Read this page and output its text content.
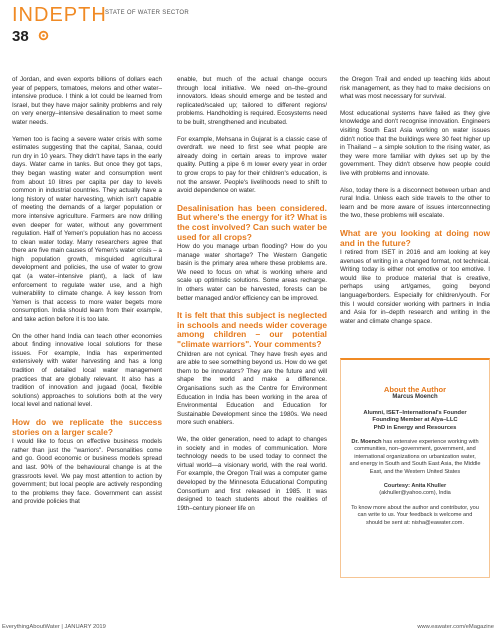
INDEPTH
STATE OF WATER SECTOR
38

of Jordan, and even exports billions of dollars each year of peppers, tomatoes, melons and other water–intensive produce. I think a lot could be learned from Israel, but they have major salinity problems and rely on very energy–intensive desalination to meet some water needs.

Yemen too is facing a severe water crisis with some estimates suggesting that the capital, Sanaa, could run dry in 10 years. They didn't have taps in the early days. Water came in tanks. But once they got taps, they began wasting water and consumption went from about 10 litres per capita per day to levels common in industrial countries. They actually have a long history of water harvesting, which isn't capable of meeting the demands of a larger population or more intensive agriculture. Farmers are now drilling even deeper for water, without any government regulation. Half of Yemen's population has no access to clean water today. Many researchers agree that there are five main causes of Yemen's water crisis – a high population growth, misguided agricultural development and policies, the use of water to grow qat (a water–intensive plant), a lack of law enforcement to regulate water use, and a high vulnerability to climate change. A key lesson from Yemen is that access to more water begets more consumption. India should learn from their example, and take action before it is too late.

On the other hand India can teach other economies about finding innovative local solutions for these issues. For example, India has experimented extensively with water harvesting and has a long tradition of detailed local water management practices that are globally relevant. It also has a tradition of innovation and jugaad (local, flexible solutions) approaches to solutions both at the very local level and national level.

How do we replicate the success stories on a larger scale?

I would like to focus on effective business models rather than just the "warriors". Personalities come and go. Good economic or business models spread and last. 90% of the behavioural change is at the grassroots level. We pay most attention to action by government; but local people are actively responding to the problems they face. Government can assist and provide policies that

enable, but much of the actual change occurs through local initiative. We need on–the–ground innovators. Ideas should emerge and be tested and replicated/scaled up; tailored to different regions/ problems. Handholding is required. Ecosystems need to be built, strengthened and incubated.

For example, Mehsana in Gujarat is a classic case of overdraft. we need to first see what people are already doing in certain areas to improve water quality. Putting a pipe 6 m lower every year in order to grow crops to pay for their children's education, is not the answer. People's livelihoods need to shift to avoid dependence on water.

Desalinisation has been considered. But where's the energy for it? What is the cost involved? Can such water be used for all crops?

How do you manage urban flooding? How do you manage water shortage? The Western Gangetic basin is the primary area where these problems are. We need to focus on what is working where and scale up optimistic solutions. Some areas recharge. In others water can be harvested, forests can be better managed and/or efficiency can be improved.

It is felt that this subject is neglected in schools and needs wider coverage among children – our potential "climate warriors". Your comments?

Children are not cynical. They have fresh eyes and are able to see something beyond us. How do we get them to be innovators? They are the future and will shape the world and make a difference. Organisations such as the Centre for Environment Education in India has been working in the area of Environmental Education and Education for Sustainable Development since the 1980s. We need more such enablers.

We, the older generation, need to adapt to changes in society and in modes of communication. More technology needs to be used today to connect the virtual world—a visionary world, with the real world. For example, the Oregon Trail was a computer game developed by the Minnesota Educational Computing Consortium and first released in 1985. It was designed to teach students about the realities of 19th–century pioneer life on

the Oregon Trail and ended up teaching kids about risk management, as they had to make decisions on what was most necessary for survival.

Most educational systems have failed as they give knowledge and don't recognise innovation. Engineers visiting South East Asia working on water issues didn't notice that the buildings were 30 feet higher up in Thailand – a simple solution to the rising water, as they were more familiar with dykes set up by the government. They didn't observe how people could live with problems and innovate.

Also, today there is a disconnect between urban and rural India. Unless each side travels to the other to learn and be more aware of issues interconnecting the two, these problems will escalate.

What are you looking at doing now and in the future?

I retired from ISET in 2016 and am looking at key avenues of writing in a changed format, not technical. Writing today is either not emotive or too emotive. I would like to produce material that is creative, perhaps using art/games, going beyond language/borders. Especially for children/youth. For this I would consider working with partners in India and Asia for in–depth research and writing in the water and climate change space.

About the Author
Marcus Moench
Alumni, ISET–International's Founder
Founding Member at Alya–LLC
PhD in Energy and Resources
Dr. Moench has extensive experience working with communities, non–government, government, and international organizations on urbanization water, and energy in South and South East Asia, the Middle East, and the Western United States
Courtesy: Anita Khuller
(akhuller@yahoo.com), India
To know more about the author and contributor, you can write to us. Your feedback is welcome and should be sent at: nisha@eawater.com.
EverythingAboutWater | JANUARY 2019	www.eawater.com/eMagazine
